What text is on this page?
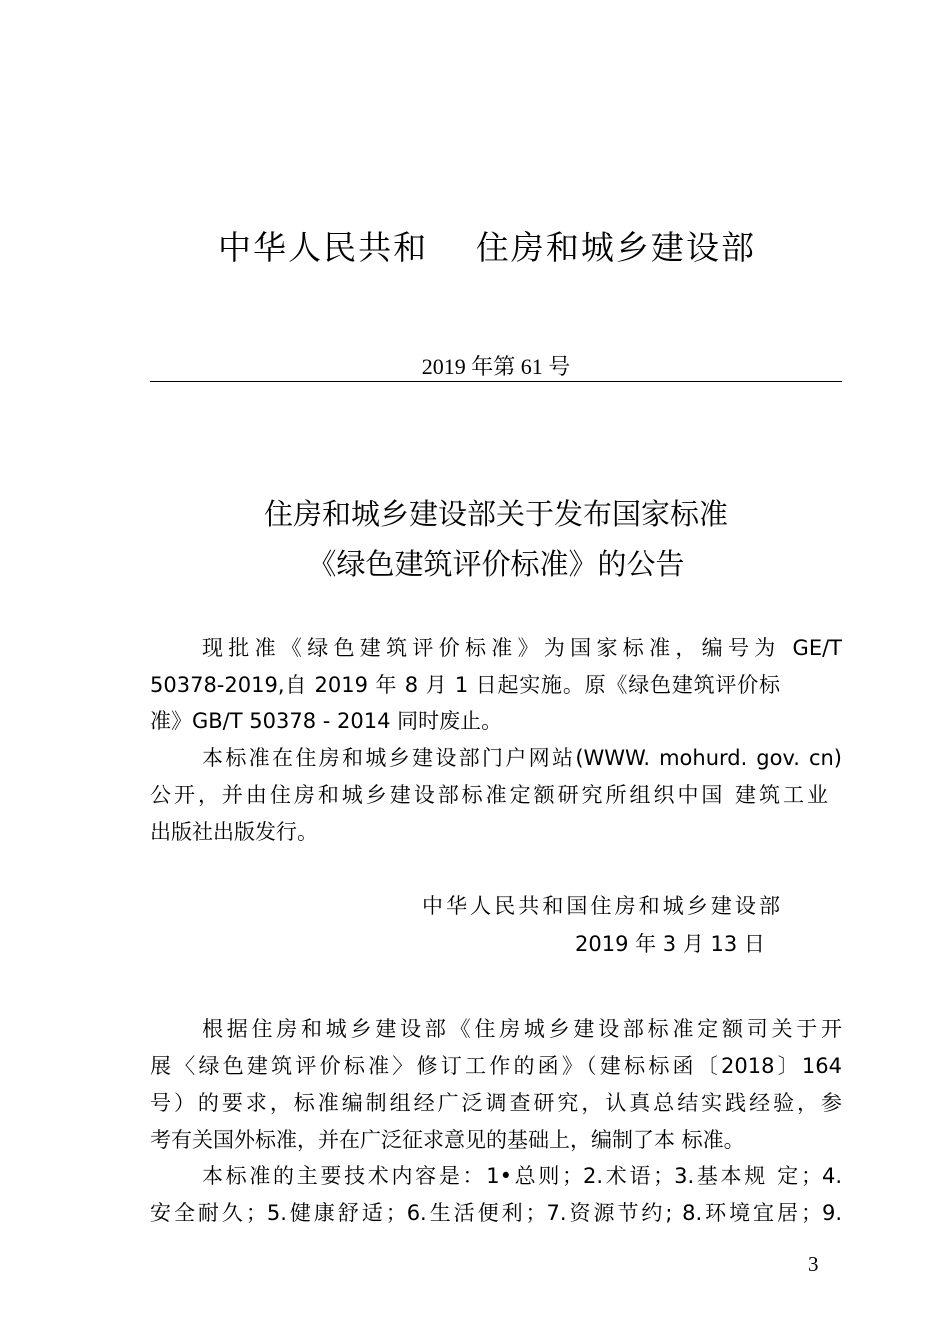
中华人民共和　 住房和城乡建设部
2019 年第 61 号
住房和城乡建设部关于发布国家标准
《绿色建筑评价标准》的公告
现批准《绿色建筑评价标准》为国家标准，编号为 GE/T
50378-2019,自 2019 年 8 月 1 日起实施。原《绿色建筑评价标
准》GB/T 50378 - 2014 同时废止。
本标准在住房和城乡建设部门户网站(WWW. mohurd. gov. cn)
公开，并由住房和城乡建设部标准定额研究所组织中国 建筑工业
出版社出版发行。
中华人民共和国住房和城乡建设部
2019 年 3 月 13 日
根据住房和城乡建设部《住房城乡建设部标准定额司关于开
展〈绿色建筑评价标准〉修订工作的函》（建标标函〔2018〕164
号）的要求，标准编制组经广泛调查研究，认真总结实践经验，参
考有关国外标准，并在广泛征求意见的基础上，编制了本 标准。
本标准的主要技术内容是：1•总则；2.术语；3.基本规 定；4.
安全耐久；5.健康舒适；6.生活便利；7.资源节约; 8.环境宜居；9.
3
